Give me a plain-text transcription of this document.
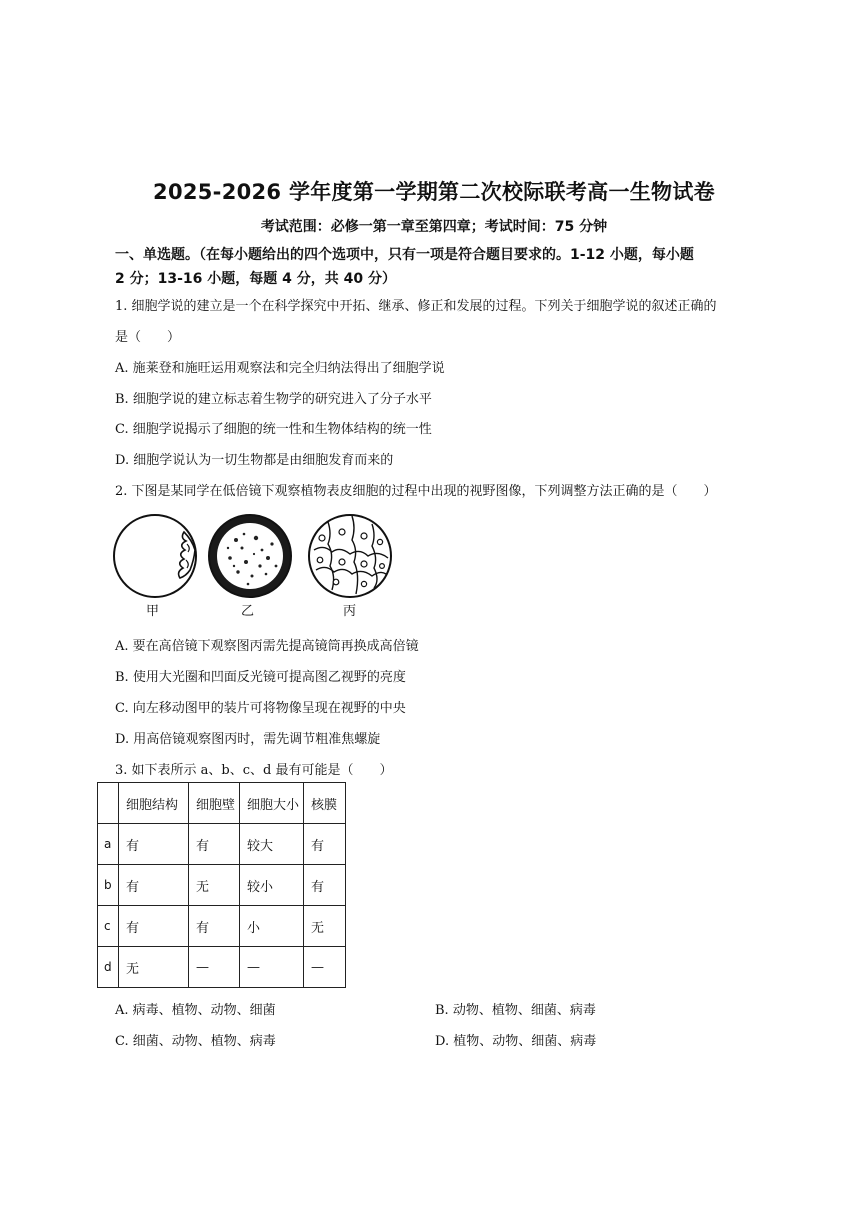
2025-2026 学年度第一学期第二次校际联考高一生物试卷
考试范围：必修一第一章至第四章；考试时间：75 分钟
一、单选题。（在每小题给出的四个选项中，只有一项是符合题目要求的。1-12 小题，每小题
2 分；13-16 小题，每题 4 分，共 40 分）
1. 细胞学说的建立是一个在科学探究中开拓、继承、修正和发展的过程。下列关于细胞学说的叙述正确的
是（　　）
A. 施莱登和施旺运用观察法和完全归纳法得出了细胞学说
B. 细胞学说的建立标志着生物学的研究进入了分子水平
C. 细胞学说揭示了细胞的统一性和生物体结构的统一性
D. 细胞学说认为一切生物都是由细胞发育而来的
2. 下图是某同学在低倍镜下观察植物表皮细胞的过程中出现的视野图像，下列调整方法正确的是（　　）
甲	乙	丙
A. 要在高倍镜下观察图丙需先提高镜筒再换成高倍镜
B. 使用大光圈和凹面反光镜可提高图乙视野的亮度
C. 向左移动图甲的装片可将物像呈现在视野的中央
D. 用高倍镜观察图丙时，需先调节粗准焦螺旋
3. 如下表所示 a、b、c、d 最有可能是（　　）
	细胞结构	细胞壁	细胞大小	核膜
a	有	有	较大	有
b	有	无	较小	有
c	有	有	小	无
d	无	—	—	—
A. 病毒、植物、动物、细菌	B. 动物、植物、细菌、病毒
C. 细菌、动物、植物、病毒	D. 植物、动物、细菌、病毒
